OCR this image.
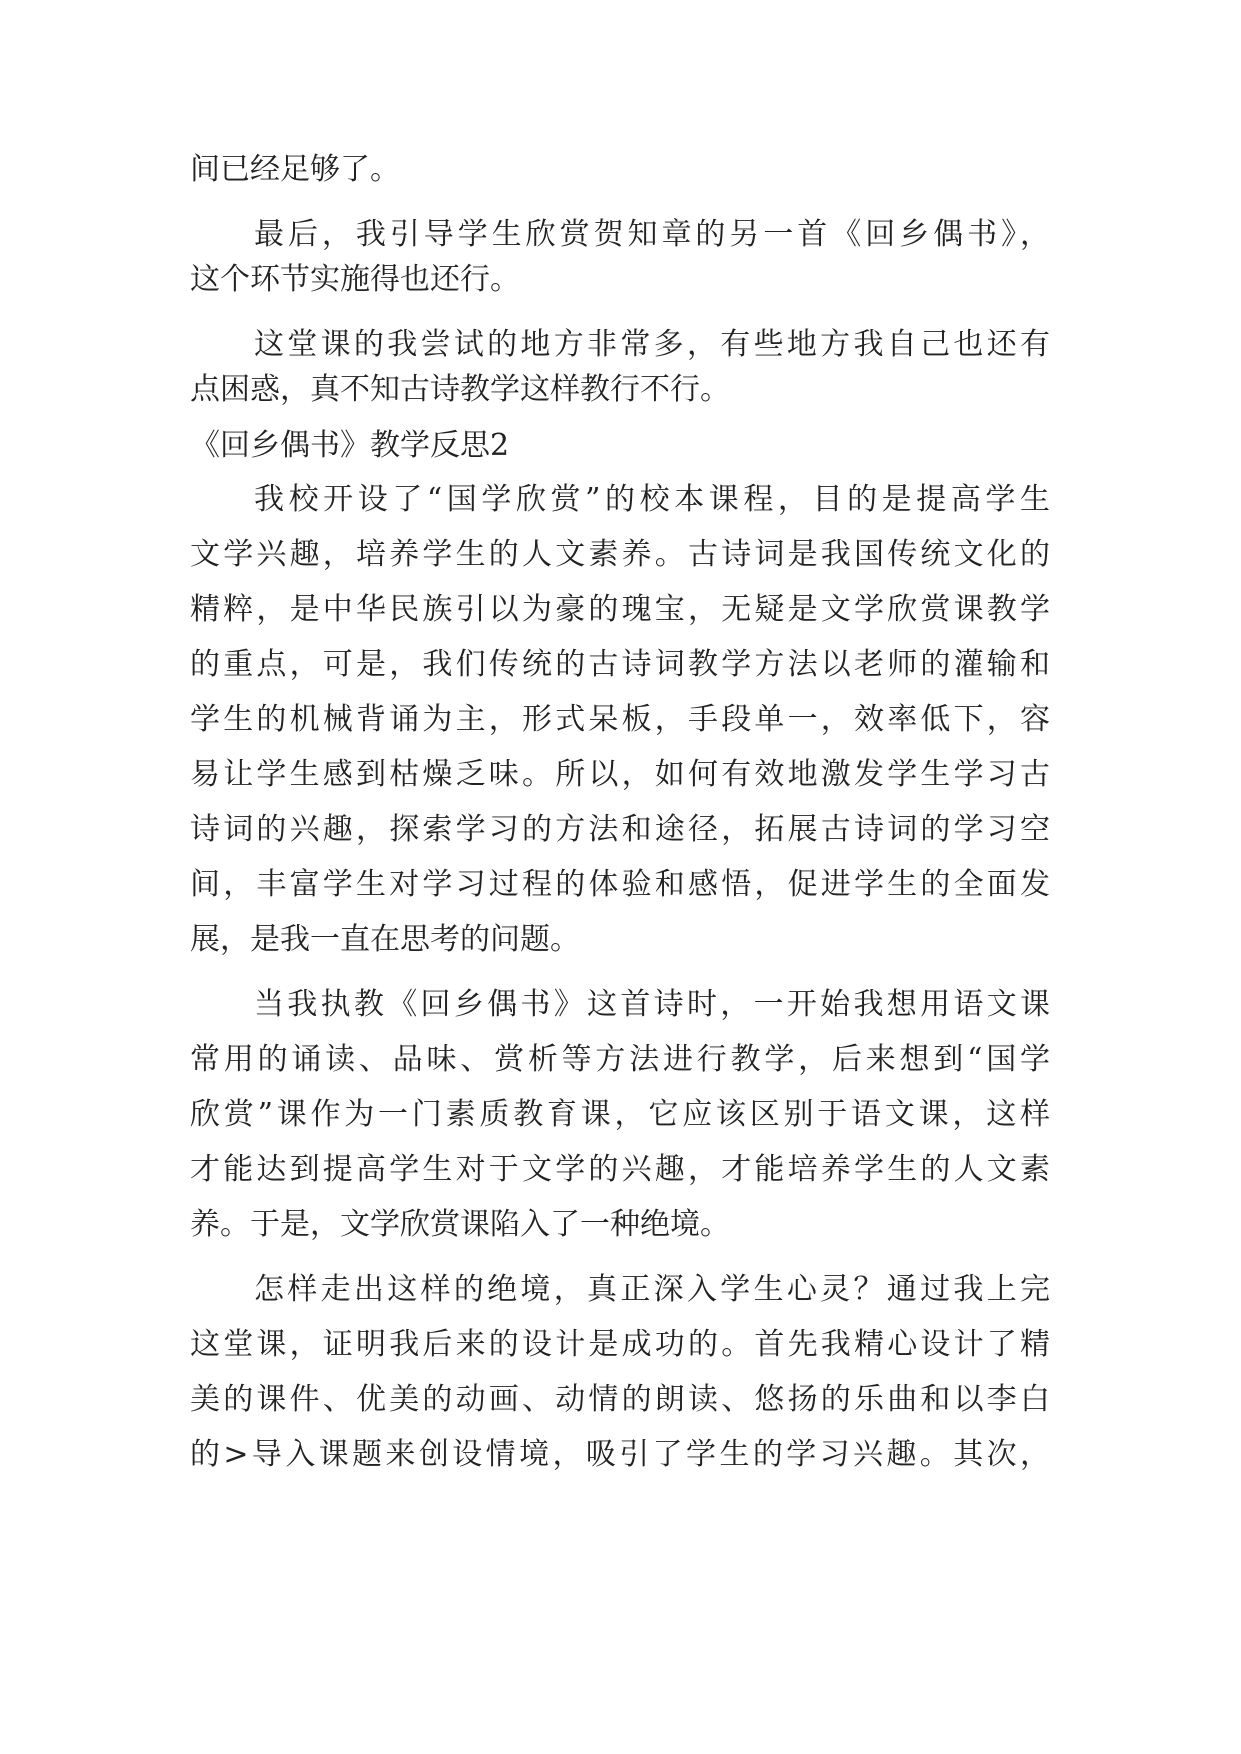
间已经足够了。
最后，我引导学生欣赏贺知章的另一首《回乡偶书》，
这个环节实施得也还行。
这堂课的我尝试的地方非常多，有些地方我自己也还有
点困惑，真不知古诗教学这样教行不行。
《回乡偶书》教学反思2
我校开设了“国学欣赏”的校本课程，目的是提高学生
文学兴趣，培养学生的人文素养。古诗词是我国传统文化的
精粹，是中华民族引以为豪的瑰宝，无疑是文学欣赏课教学
的重点，可是，我们传统的古诗词教学方法以老师的灌输和
学生的机械背诵为主，形式呆板，手段单一，效率低下，容
易让学生感到枯燥乏味。所以，如何有效地激发学生学习古
诗词的兴趣，探索学习的方法和途径，拓展古诗词的学习空
间，丰富学生对学习过程的体验和感悟，促进学生的全面发
展，是我一直在思考的问题。
当我执教《回乡偶书》这首诗时，一开始我想用语文课
常用的诵读、品味、赏析等方法进行教学，后来想到“国学
欣赏”课作为一门素质教育课，它应该区别于语文课，这样
才能达到提高学生对于文学的兴趣，才能培养学生的人文素
养。于是，文学欣赏课陷入了一种绝境。
怎样走出这样的绝境，真正深入学生心灵？通过我上完
这堂课，证明我后来的设计是成功的。首先我精心设计了精
美的课件、优美的动画、动情的朗读、悠扬的乐曲和以李白
的>导入课题来创设情境，吸引了学生的学习兴趣。其次，
